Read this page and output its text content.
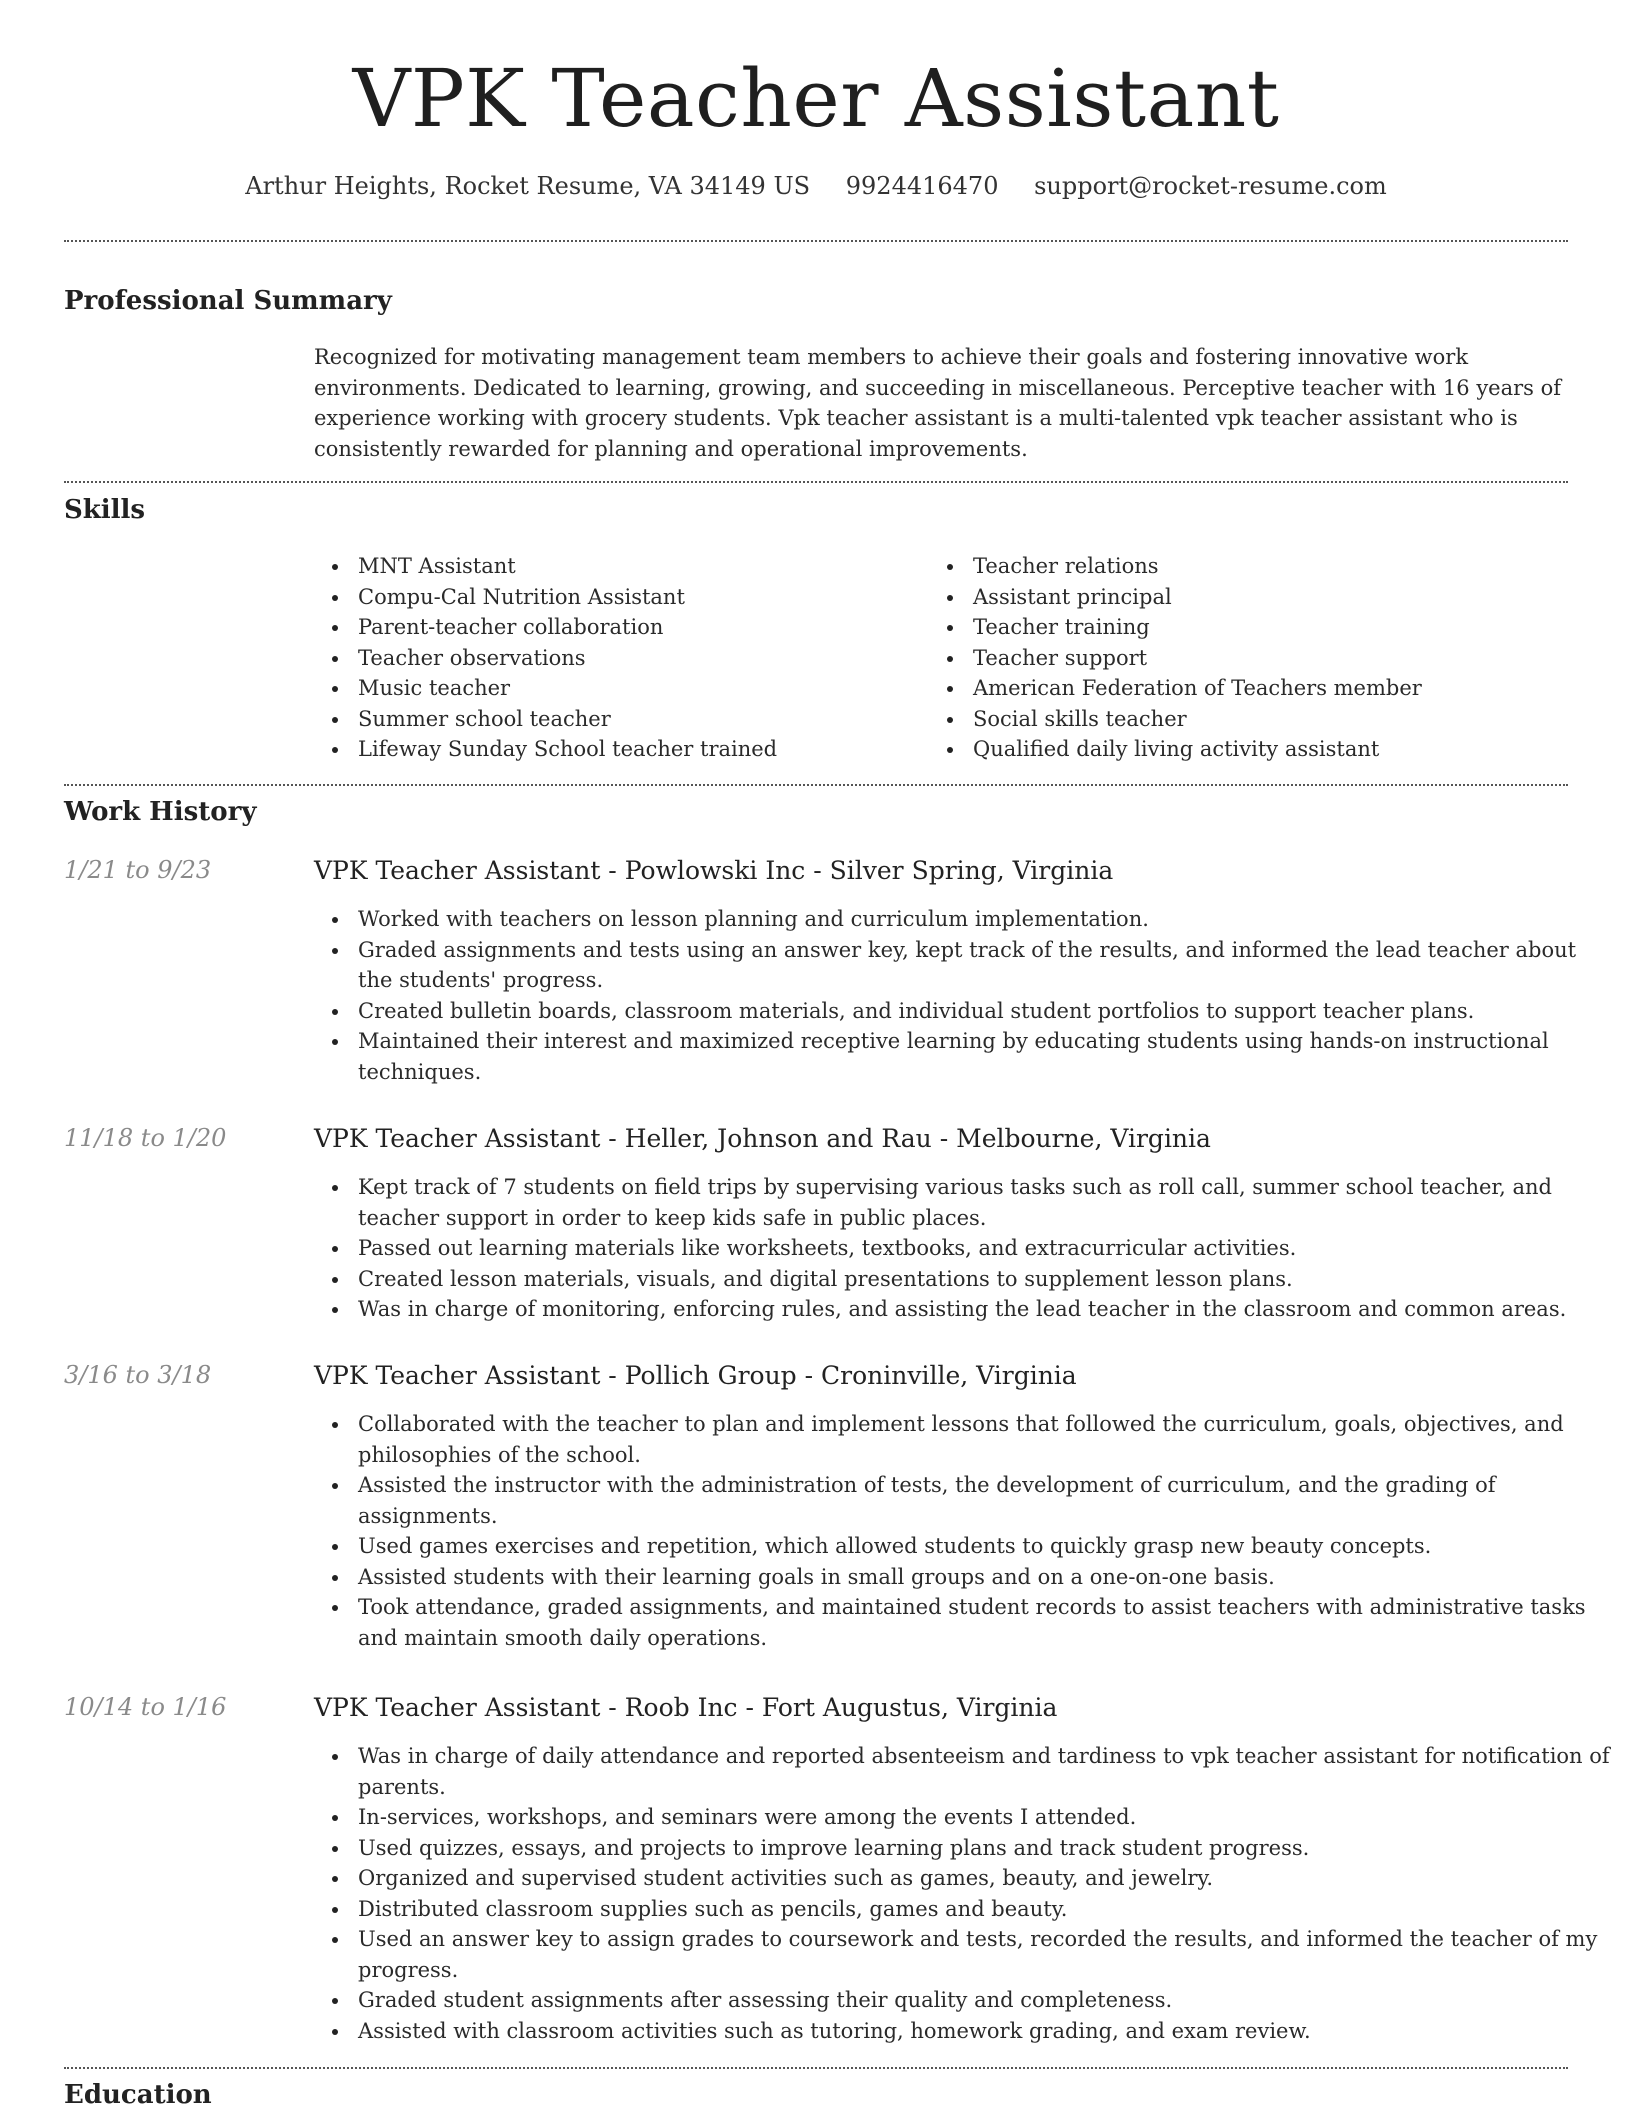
VPK Teacher Assistant
Arthur Heights, Rocket Resume, VA 34149 US 9924416470 support@rocket-resume.com
Professional Summary

Recognized for motivating management team members to achieve their goals and fostering innovative work environments. Dedicated to learning, growing, and succeeding in miscellaneous. Perceptive teacher with 16 years of experience working with grocery students. Vpk teacher assistant is a multi-talented vpk teacher assistant who is consistently rewarded for planning and operational improvements.

Skills
MNT Assistant
Compu-Cal Nutrition Assistant
Parent-teacher collaboration
Teacher observations
Music teacher
Summer school teacher
Lifeway Sunday School teacher trained
Teacher relations
Assistant principal
Teacher training
Teacher support
American Federation of Teachers member
Social skills teacher
Qualified daily living activity assistant
Work History
1/21 to 9/23	VPK Teacher Assistant - Powlowski Inc - Silver Spring, Virginia
Worked with teachers on lesson planning and curriculum implementation.
Graded assignments and tests using an answer key, kept track of the results, and informed the lead teacher about the students' progress.
Created bulletin boards, classroom materials, and individual student portfolios to support teacher plans.
Maintained their interest and maximized receptive learning by educating students using hands-on instructional techniques.
11/18 to 1/20	VPK Teacher Assistant - Heller, Johnson and Rau - Melbourne, Virginia
Kept track of 7 students on field trips by supervising various tasks such as roll call, summer school teacher, and teacher support in order to keep kids safe in public places.
Passed out learning materials like worksheets, textbooks, and extracurricular activities.
Created lesson materials, visuals, and digital presentations to supplement lesson plans.
Was in charge of monitoring, enforcing rules, and assisting the lead teacher in the classroom and common areas.
3/16 to 3/18	VPK Teacher Assistant - Pollich Group - Croninville, Virginia
Collaborated with the teacher to plan and implement lessons that followed the curriculum, goals, objectives, and philosophies of the school.
Assisted the instructor with the administration of tests, the development of curriculum, and the grading of assignments.
Used games exercises and repetition, which allowed students to quickly grasp new beauty concepts.
Assisted students with their learning goals in small groups and on a one-on-one basis.
Took attendance, graded assignments, and maintained student records to assist teachers with administrative tasks and maintain smooth daily operations.
10/14 to 1/16	VPK Teacher Assistant - Roob Inc - Fort Augustus, Virginia
Was in charge of daily attendance and reported absenteeism and tardiness to vpk teacher assistant for notification of parents.
In-services, workshops, and seminars were among the events I attended.
Used quizzes, essays, and projects to improve learning plans and track student progress.
Organized and supervised student activities such as games, beauty, and jewelry.
Distributed classroom supplies such as pencils, games and beauty.
Used an answer key to assign grades to coursework and tests, recorded the results, and informed the teacher of my progress.
Graded student assignments after assessing their quality and completeness.
Assisted with classroom activities such as tutoring, homework grading, and exam review.
Education
